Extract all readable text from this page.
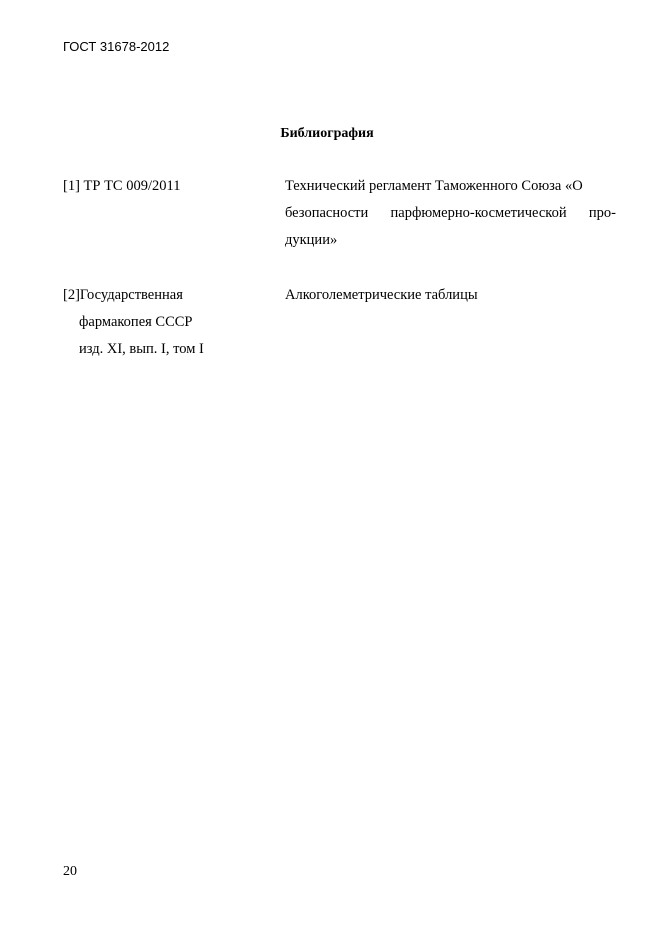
ГОСТ 31678-2012
Библиография
[1] ТР ТС 009/2011	Технический регламент Таможенного Союза «О
безопасности парфюмерно-косметической про-
дукции»
[2]Государственная
фармакопея СССР
изд. XI, вып. I, том I
Алкоголеметрические таблицы
20
